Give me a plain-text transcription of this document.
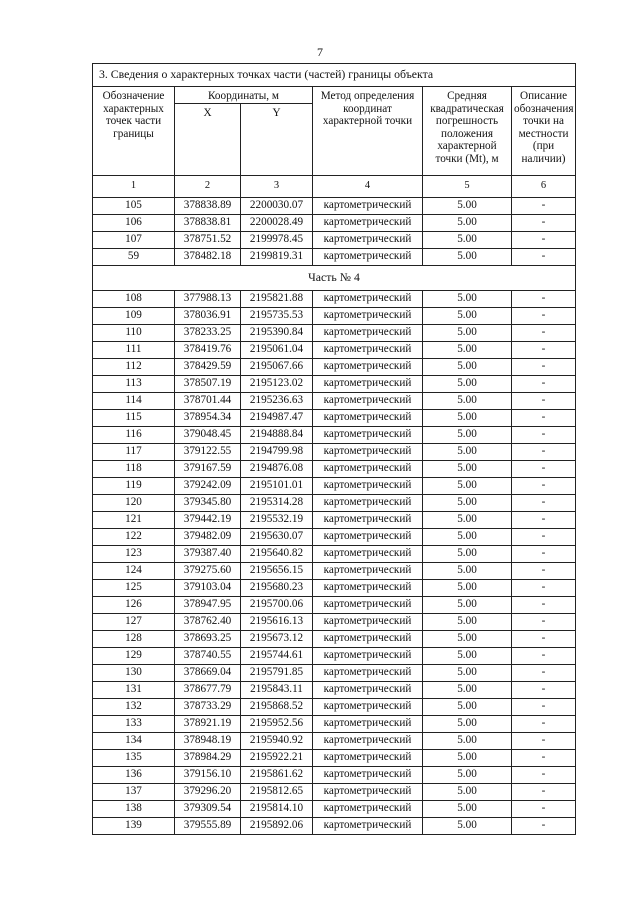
7
3. Сведения о характерных точках части (частей) границы объекта					
Обозначение характерных точек части границы	Координаты, м		Метод определения координат характерной точки	Средняя квадратическая погрешность положения характерной точки (Mt), м	Описание обозначения точки на местности (при наличии)
	X	Y			
1	2	3	4	5	6
105	378838.89	2200030.07	картометрический	5.00	-
106	378838.81	2200028.49	картометрический	5.00	-
107	378751.52	2199978.45	картометрический	5.00	-
59	378482.18	2199819.31	картометрический	5.00	-
Часть № 4					
108	377988.13	2195821.88	картометрический	5.00	-
109	378036.91	2195735.53	картометрический	5.00	-
110	378233.25	2195390.84	картометрический	5.00	-
111	378419.76	2195061.04	картометрический	5.00	-
112	378429.59	2195067.66	картометрический	5.00	-
113	378507.19	2195123.02	картометрический	5.00	-
114	378701.44	2195236.63	картометрический	5.00	-
115	378954.34	2194987.47	картометрический	5.00	-
116	379048.45	2194888.84	картометрический	5.00	-
117	379122.55	2194799.98	картометрический	5.00	-
118	379167.59	2194876.08	картометрический	5.00	-
119	379242.09	2195101.01	картометрический	5.00	-
120	379345.80	2195314.28	картометрический	5.00	-
121	379442.19	2195532.19	картометрический	5.00	-
122	379482.09	2195630.07	картометрический	5.00	-
123	379387.40	2195640.82	картометрический	5.00	-
124	379275.60	2195656.15	картометрический	5.00	-
125	379103.04	2195680.23	картометрический	5.00	-
126	378947.95	2195700.06	картометрический	5.00	-
127	378762.40	2195616.13	картометрический	5.00	-
128	378693.25	2195673.12	картометрический	5.00	-
129	378740.55	2195744.61	картометрический	5.00	-
130	378669.04	2195791.85	картометрический	5.00	-
131	378677.79	2195843.11	картометрический	5.00	-
132	378733.29	2195868.52	картометрический	5.00	-
133	378921.19	2195952.56	картометрический	5.00	-
134	378948.19	2195940.92	картометрический	5.00	-
135	378984.29	2195922.21	картометрический	5.00	-
136	379156.10	2195861.62	картометрический	5.00	-
137	379296.20	2195812.65	картометрический	5.00	-
138	379309.54	2195814.10	картометрический	5.00	-
139	379555.89	2195892.06	картометрический	5.00	-
